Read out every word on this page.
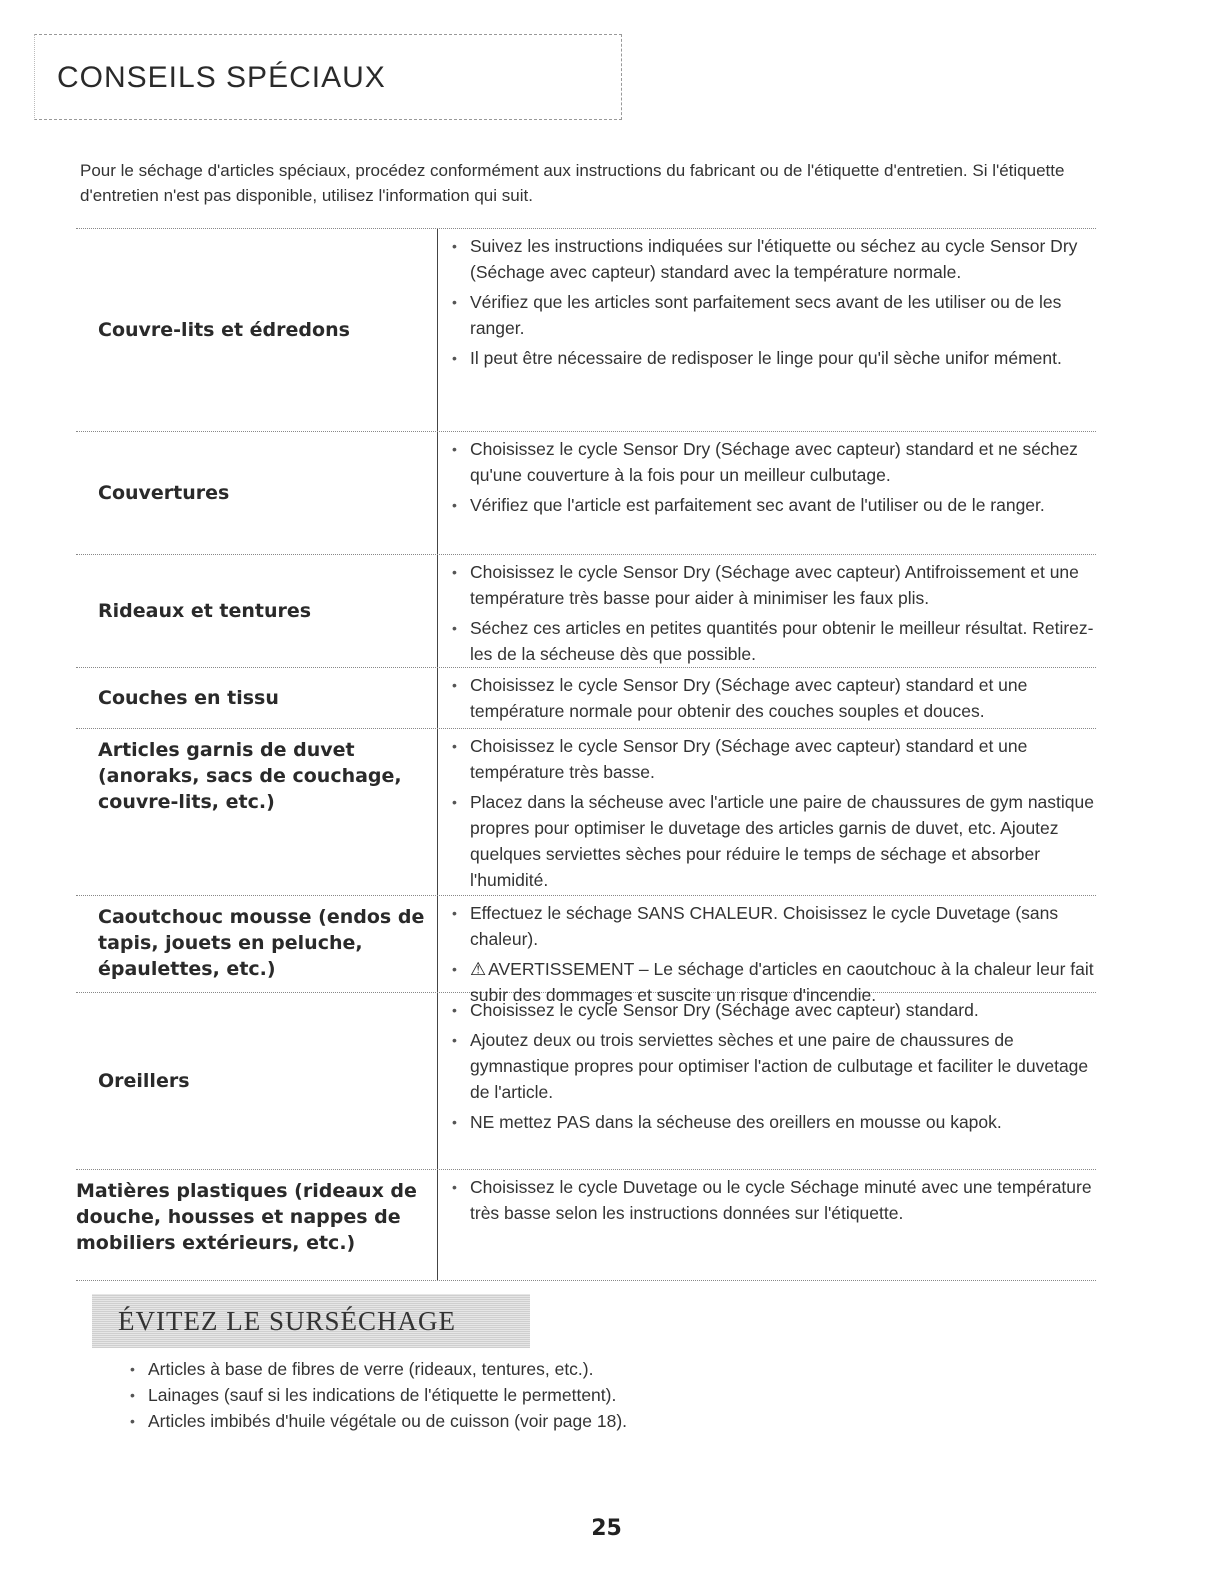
CONSEILS SPÉCIAUX
Pour le séchage d'articles spéciaux, procédez conformément aux instructions du fabricant ou de l'étiquette d'entretien. Si l'étiquette d'entretien n'est pas disponible, utilisez l'information qui suit.
Couvre-lits et édredons
• Suivez les instructions indiquées sur l'étiquette ou séchez au cycle Sensor Dry (Séchage avec capteur) standard avec la température normale.
• Vérifiez que les articles sont parfaitement secs avant de les utiliser ou de les ranger.
• Il peut être nécessaire de redisposer le linge pour qu'il sèche unifor mément.
Couvertures
• Choisissez le cycle Sensor Dry (Séchage avec capteur) standard et ne séchez qu'une couverture à la fois pour un meilleur culbutage.
• Vérifiez que l'article est parfaitement sec avant de l'utiliser ou de le ranger.
Rideaux et tentures
• Choisissez le cycle Sensor Dry (Séchage avec capteur) Antifroissement et une température très basse pour aider à minimiser les faux plis.
• Séchez ces articles en petites quantités pour obtenir le meilleur résultat. Retirez-les de la sécheuse dès que possible.
Couches en tissu
• Choisissez le cycle Sensor Dry (Séchage avec capteur) standard et une température normale pour obtenir des couches souples et douces.
Articles garnis de duvet (anoraks, sacs de couchage, couvre-lits, etc.)
• Choisissez le cycle Sensor Dry (Séchage avec capteur) standard et une température très basse.
• Placez dans la sécheuse avec l'article une paire de chaussures de gym nastique propres pour optimiser le duvetage des articles garnis de duvet, etc. Ajoutez quelques serviettes sèches pour réduire le temps de séchage et absorber l'humidité.
Caoutchouc mousse (endos de tapis, jouets en peluche, épaulettes, etc.)
• Effectuez le séchage SANS CHALEUR. Choisissez le cycle Duvetage (sans chaleur).
• ⚠ AVERTISSEMENT – Le séchage d'articles en caoutchouc à la chaleur leur fait subir des dommages et suscite un risque d'incendie.
Oreillers
• Choisissez le cycle Sensor Dry (Séchage avec capteur) standard.
• Ajoutez deux ou trois serviettes sèches et une paire de chaussures de gymnastique propres pour optimiser l'action de culbutage et faciliter le duvetage de l'article.
• NE mettez PAS dans la sécheuse des oreillers en mousse ou kapok.
Matières plastiques (rideaux de douche, housses et nappes de mobiliers extérieurs, etc.)
• Choisissez le cycle Duvetage ou le cycle Séchage minuté avec une température très basse selon les instructions données sur l'étiquette.
ÉVITEZ LE SURSÉCHAGE
• Articles à base de fibres de verre (rideaux, tentures, etc.).
• Lainages (sauf si les indications de l'étiquette le permettent).
• Articles imbibés d'huile végétale ou de cuisson (voir page 18).
25
